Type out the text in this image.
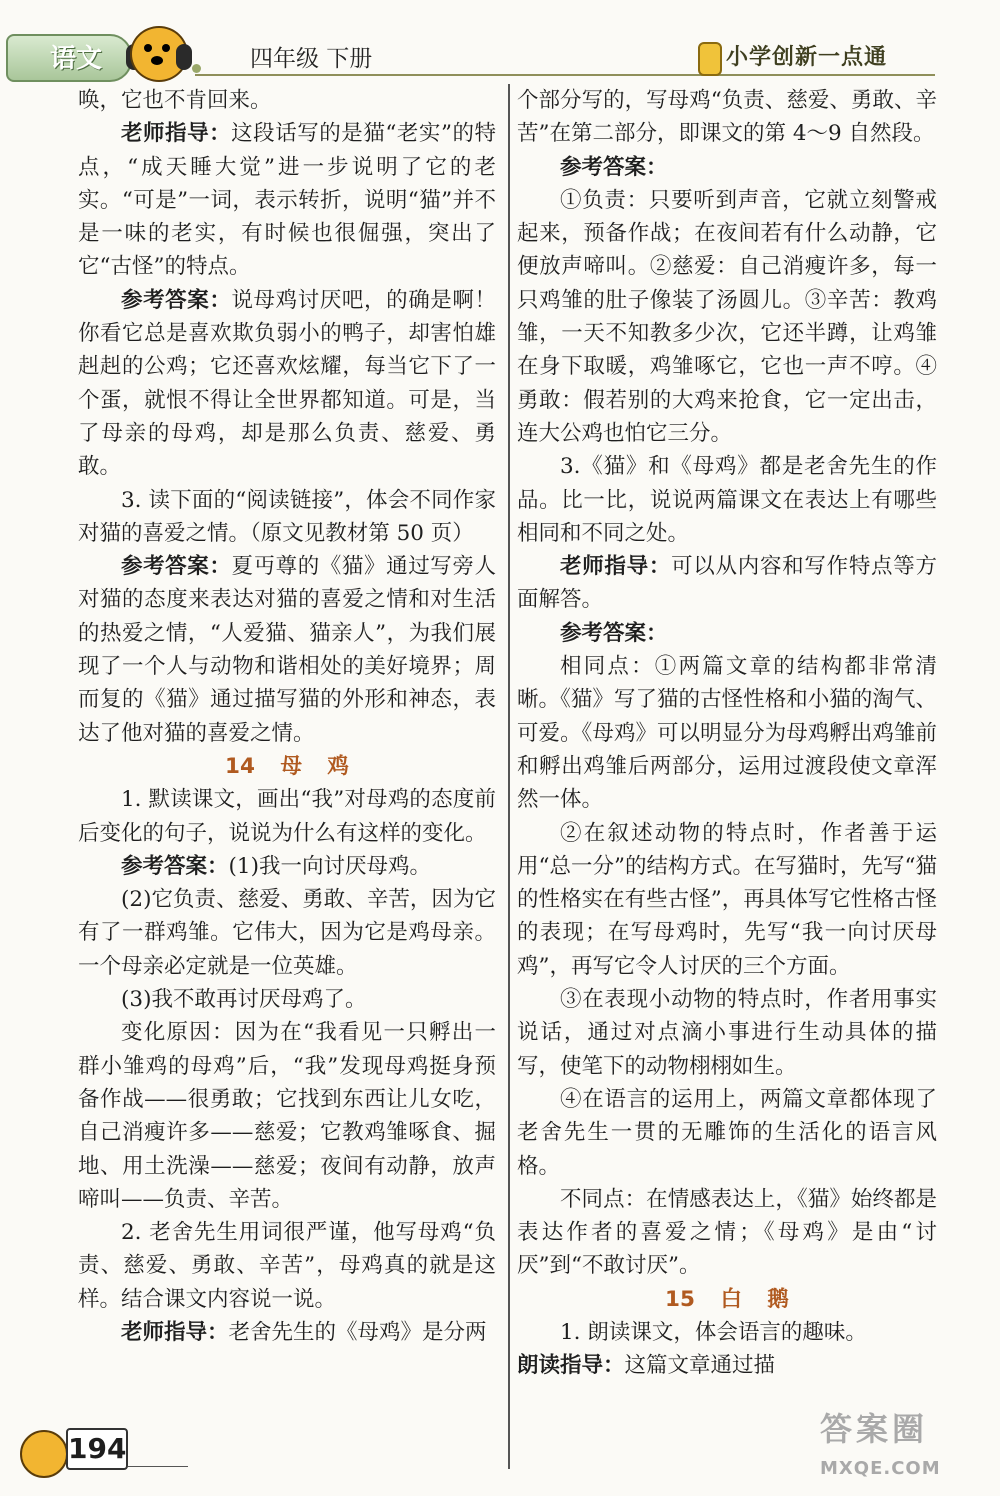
语文	四年级 下册	小学创新一点通

唤，它也不肯回来。

老师指导：这段话写的是猫“老实”的特点，“成天睡大觉”进一步说明了它的老实。“可是”一词，表示转折，说明“猫”并不是一味的老实，有时候也很倔强，突出了它“古怪”的特点。

参考答案：说母鸡讨厌吧，的确是啊！你看它总是喜欢欺负弱小的鸭子，却害怕雄赳赳的公鸡；它还喜欢炫耀，每当它下了一个蛋，就恨不得让全世界都知道。可是，当了母亲的母鸡，却是那么负责、慈爱、勇敢。

3. 读下面的“阅读链接”，体会不同作家对猫的喜爱之情。（原文见教材第 50 页）

参考答案：夏丏尊的《猫》通过写旁人对猫的态度来表达对猫的喜爱之情和对生活的热爱之情，“人爱猫、猫亲人”，为我们展现了一个人与动物和谐相处的美好境界；周而复的《猫》通过描写猫的外形和神态，表达了他对猫的喜爱之情。

14 母 鸡

1. 默读课文，画出“我”对母鸡的态度前后变化的句子，说说为什么有这样的变化。

参考答案：(1)我一向讨厌母鸡。

(2)它负责、慈爱、勇敢、辛苦，因为它有了一群鸡雏。它伟大，因为它是鸡母亲。一个母亲必定就是一位英雄。

(3)我不敢再讨厌母鸡了。

变化原因：因为在“我看见一只孵出一群小雏鸡的母鸡”后，“我”发现母鸡挺身预备作战——很勇敢；它找到东西让儿女吃，自己消瘦许多——慈爱；它教鸡雏啄食、掘地、用土洗澡——慈爱；夜间有动静，放声啼叫——负责、辛苦。

2. 老舍先生用词很严谨，他写母鸡“负责、慈爱、勇敢、辛苦”，母鸡真的就是这样。结合课文内容说一说。

老师指导：老舍先生的《母鸡》是分两

个部分写的，写母鸡“负责、慈爱、勇敢、辛苦”在第二部分，即课文的第 4～9 自然段。

参考答案：

①负责：只要听到声音，它就立刻警戒起来，预备作战；在夜间若有什么动静，它便放声啼叫。②慈爱：自己消瘦许多，每一只鸡雏的肚子像装了汤圆儿。③辛苦：教鸡雏，一天不知教多少次，它还半蹲，让鸡雏在身下取暖，鸡雏啄它，它也一声不哼。④勇敢：假若别的大鸡来抢食，它一定出击，连大公鸡也怕它三分。

3.《猫》和《母鸡》都是老舍先生的作品。比一比，说说两篇课文在表达上有哪些相同和不同之处。

老师指导：可以从内容和写作特点等方面解答。

参考答案：

相同点：①两篇文章的结构都非常清晰。《猫》写了猫的古怪性格和小猫的淘气、可爱。《母鸡》可以明显分为母鸡孵出鸡雏前和孵出鸡雏后两部分，运用过渡段使文章浑然一体。

②在叙述动物的特点时，作者善于运用“总一分”的结构方式。在写猫时，先写“猫的性格实在有些古怪”，再具体写它性格古怪的表现；在写母鸡时，先写“我一向讨厌母鸡”，再写它令人讨厌的三个方面。

③在表现小动物的特点时，作者用事实说话，通过对点滴小事进行生动具体的描写，使笔下的动物栩栩如生。

④在语言的运用上，两篇文章都体现了老舍先生一贯的无雕饰的生活化的语言风格。

不同点：在情感表达上，《猫》始终都是表达作者的喜爱之情；《母鸡》是由“讨厌”到“不敢讨厌”。

15 白 鹅

1. 朗读课文，体会语言的趣味。

朗读指导：这篇文章通过描

194
答案圈
MXQE.COM
